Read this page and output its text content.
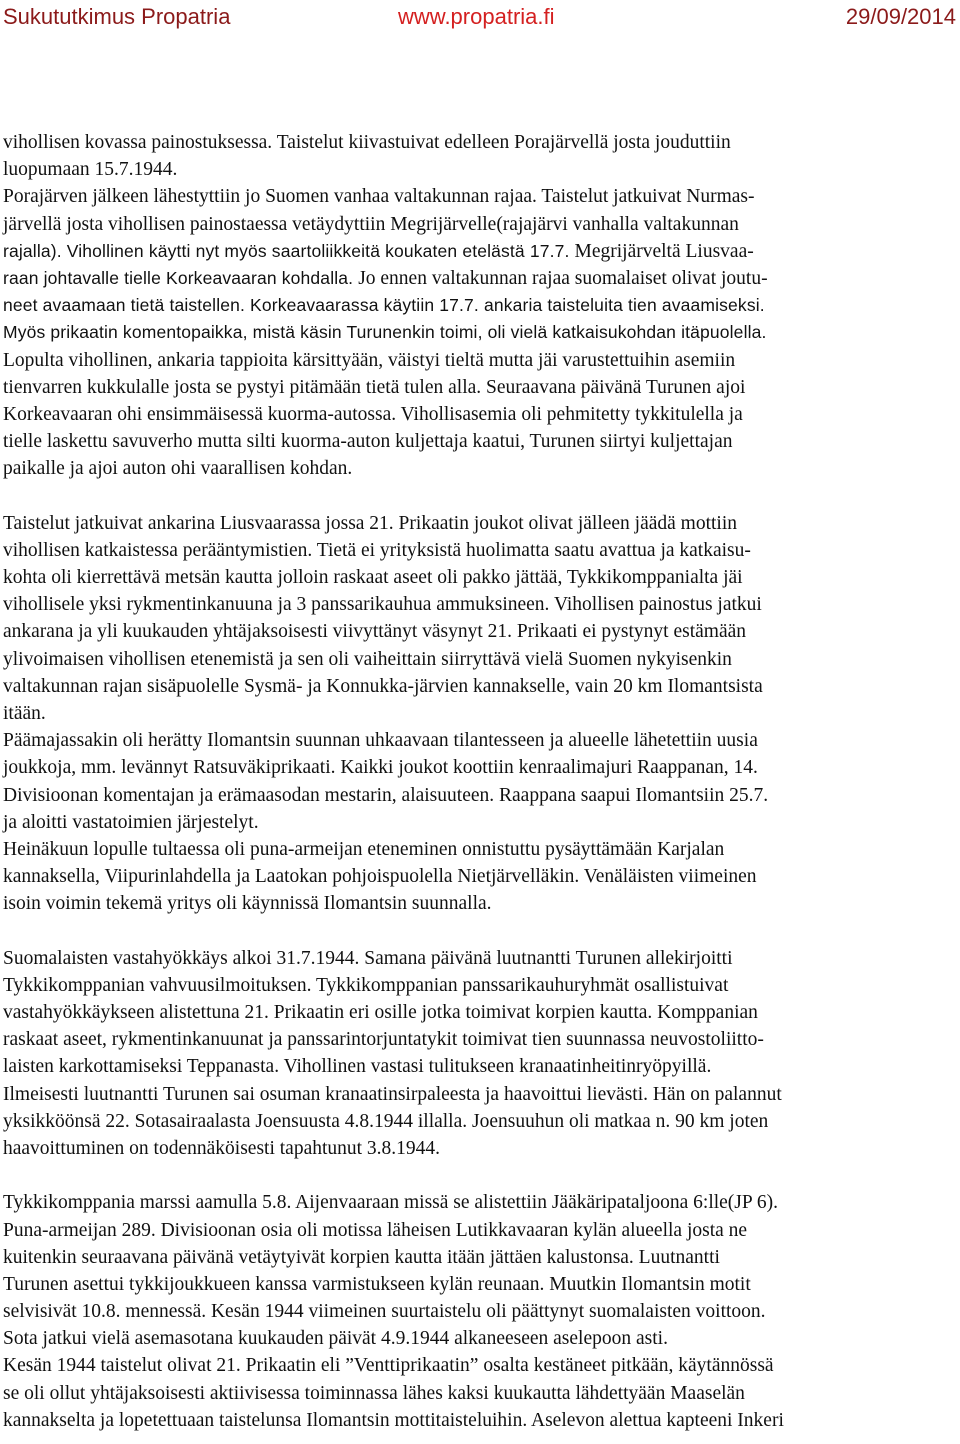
Sukututkimus Propatria	www.propatria.fi	29/09/2014
vihollisen kovassa painostuksessa. Taistelut kiivastuivat edelleen Porajärvellä josta jouduttiin
luopumaan 15.7.1944.
Porajärven jälkeen lähestyttiin jo Suomen vanhaa valtakunnan rajaa. Taistelut jatkuivat Nurmas-
järvellä josta vihollisen painostaessa vetäydyttiin Megrijärvelle(rajajärvi vanhalla valtakunnan
rajalla). Vihollinen käytti nyt myös saartoliikkeitä koukaten etelästä 17.7. Megrijärveltä Liusvaa-
raan johtavalle tielle Korkeavaaran kohdalla. Jo ennen valtakunnan rajaa suomalaiset olivat joutu-
neet avaamaan tietä taistellen. Korkeavaarassa käytiin 17.7. ankaria taisteluita tien avaamiseksi.
Myös prikaatin komentopaikka, mistä käsin Turunenkin toimi, oli vielä katkaisukohdan itäpuolella.
Lopulta vihollinen, ankaria tappioita kärsittyään, väistyi tieltä mutta jäi varustettuihin asemiin
tienvarren kukkulalle josta se pystyi pitämään tietä tulen alla. Seuraavana päivänä Turunen ajoi
Korkeavaaran ohi ensimmäisessä kuorma-autossa. Vihollisasemia oli pehmitetty tykkitulella ja
tielle laskettu savuverho mutta silti kuorma-auton kuljettaja kaatui, Turunen siirtyi kuljettajan
paikalle ja ajoi auton ohi vaarallisen kohdan.
Taistelut jatkuivat ankarina Liusvaarassa jossa 21. Prikaatin joukot olivat jälleen jäädä mottiin
vihollisen katkaistessa perääntymistien. Tietä ei yrityksistä huolimatta saatu avattua ja katkaisu-
kohta oli kierrettävä metsän kautta jolloin raskaat aseet oli pakko jättää, Tykkikomppanialta jäi
vihollisele yksi rykmentinkanuuna ja 3 panssarikauhua ammuksineen. Vihollisen painostus jatkui
ankarana ja yli kuukauden yhtäjaksoisesti viivyttänyt väsynyt 21. Prikaati ei pystynyt estämään
ylivoimaisen vihollisen etenemistä ja sen oli vaiheittain siirryttävä vielä Suomen nykyisenkin
valtakunnan rajan sisäpuolelle Sysmä- ja Konnukka-järvien kannakselle, vain 20 km Ilomantsista
itään.
Päämajassakin oli herätty Ilomantsin suunnan uhkaavaan tilantesseen ja alueelle lähetettiin uusia
joukkoja, mm. levännyt Ratsuväkiprikaati. Kaikki joukot koottiin kenraalimajuri Raappanan, 14.
Divisioonan komentajan ja erämaasodan mestarin, alaisuuteen. Raappana saapui Ilomantsiin 25.7.
ja aloitti vastatoimien järjestelyt.
Heinäkuun lopulle tultaessa oli puna-armeijan eteneminen onnistuttu pysäyttämään Karjalan
kannaksella, Viipurinlahdella ja Laatokan pohjoispuolella Nietjärvelläkin. Venäläisten viimeinen
isoin voimin tekemä yritys oli käynnissä Ilomantsin suunnalla.
Suomalaisten vastahyökkäys alkoi 31.7.1944. Samana päivänä luutnantti Turunen allekirjoitti
Tykkikomppanian vahvuusilmoituksen. Tykkikomppanian panssarikauhuryhmät osallistuivat
vastahyökkäykseen alistettuna 21. Prikaatin eri osille jotka toimivat korpien kautta. Komppanian
raskaat aseet, rykmentinkanuunat ja panssarintorjuntatykit toimivat tien suunnassa neuvostoliitto-
laisten karkottamiseksi Teppanasta. Vihollinen vastasi tulitukseen kranaatinheitinryöpyillä.
Ilmeisesti luutnantti Turunen sai osuman kranaatinsirpaleesta ja haavoittui lievästi. Hän on palannut
yksikköönsä 22. Sotasairaalasta Joensuusta 4.8.1944 illalla. Joensuuhun oli matkaa n. 90 km joten
haavoittuminen on todennäköisesti tapahtunut 3.8.1944.
Tykkikomppania marssi aamulla 5.8. Aijenvaaraan missä se alistettiin Jääkäripataljoona 6:lle(JP 6).
Puna-armeijan 289. Divisioonan osia oli motissa läheisen Lutikkavaaran kylän alueella josta ne
kuitenkin seuraavana päivänä vetäytyivät korpien kautta itään jättäen kalustonsa. Luutnantti
Turunen asettui tykkijoukkueen kanssa varmistukseen kylän reunaan. Muutkin Ilomantsin motit
selvisivät 10.8. mennessä. Kesän 1944 viimeinen suurtaistelu oli päättynyt suomalaisten voittoon.
Sota jatkui vielä asemasotana kuukauden päivät 4.9.1944 alkaneeseen aselepoon asti.
Kesän 1944 taistelut olivat 21. Prikaatin eli ”Venttiprikaatin” osalta kestäneet pitkään, käytännössä
se oli ollut yhtäjaksoisesti aktiivisessa toiminnassa lähes kaksi kuukautta lähdettyään Maaselän
kannakselta ja lopetettuaan taistelunsa Ilomantsin mottitaisteluihin. Aselevon alettua kapteeni Inkeri
